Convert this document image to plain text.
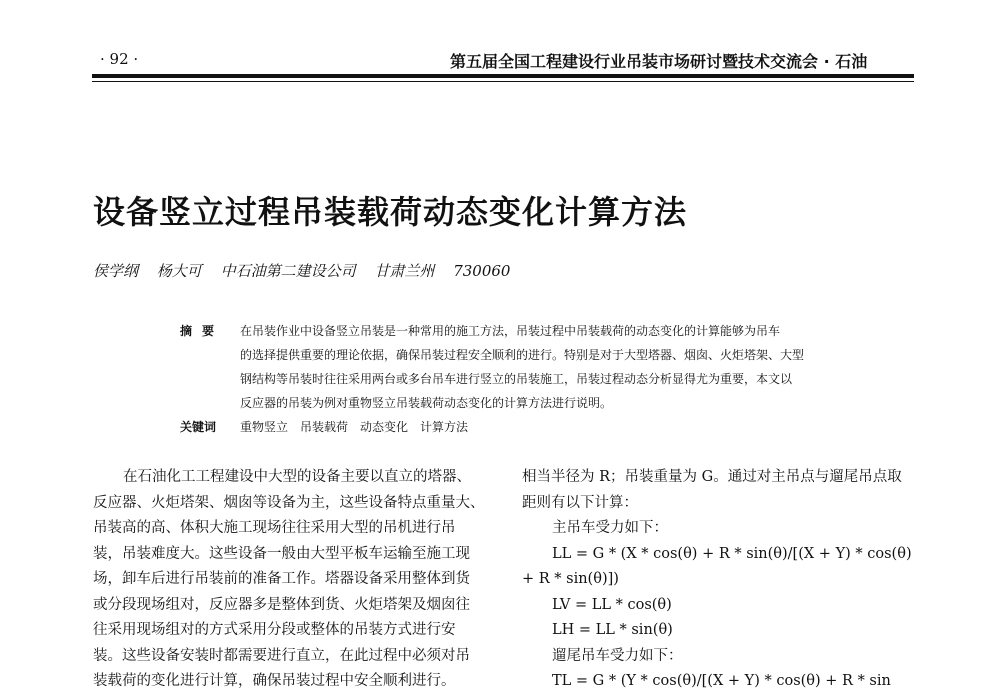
· 92 ·	第五届全国工程建设行业吊装市场研讨暨技术交流会 · 石油
设备竖立过程吊装载荷动态变化计算方法
侯学纲 杨大可 中石油第二建设公司 甘肃兰州 730060
摘要	在吊装作业中设备竖立吊装是一种常用的施工方法，吊装过程中吊装载荷的动态变化的计算能够为吊车
的选择提供重要的理论依据，确保吊装过程安全顺利的进行。特别是对于大型塔器、烟囱、火炬塔架、大型
钢结构等吊装时往往采用两台或多台吊车进行竖立的吊装施工，吊装过程动态分析显得尤为重要，本文以
反应器的吊装为例对重物竖立吊装载荷动态变化的计算方法进行说明。
关键词	重物竖立　吊装载荷　动态变化　计算方法
在石油化工工程建设中大型的设备主要以直立的塔器、
反应器、火炬塔架、烟囱等设备为主，这些设备特点重量大、
吊装高的高、体积大施工现场往往采用大型的吊机进行吊
装，吊装难度大。这些设备一般由大型平板车运输至施工现
场，卸车后进行吊装前的准备工作。塔器设备采用整体到货
或分段现场组对，反应器多是整体到货、火炬塔架及烟囱往
往采用现场组对的方式采用分段或整体的吊装方式进行安
装。这些设备安装时都需要进行直立，在此过程中必须对吊
装载荷的变化进行计算，确保吊装过程中安全顺利进行。
相当半径为 R；吊装重量为 G。通过对主吊点与遛尾吊点取
距则有以下计算：
主吊车受力如下：
LL = G * (X * cos(θ) + R * sin(θ)/[(X + Y) * cos(θ)
+ R * sin(θ)])
LV = LL * cos(θ)
LH = LL * sin(θ)
遛尾吊车受力如下：
TL = G * (Y * cos(θ)/[(X + Y) * cos(θ) + R * sin
